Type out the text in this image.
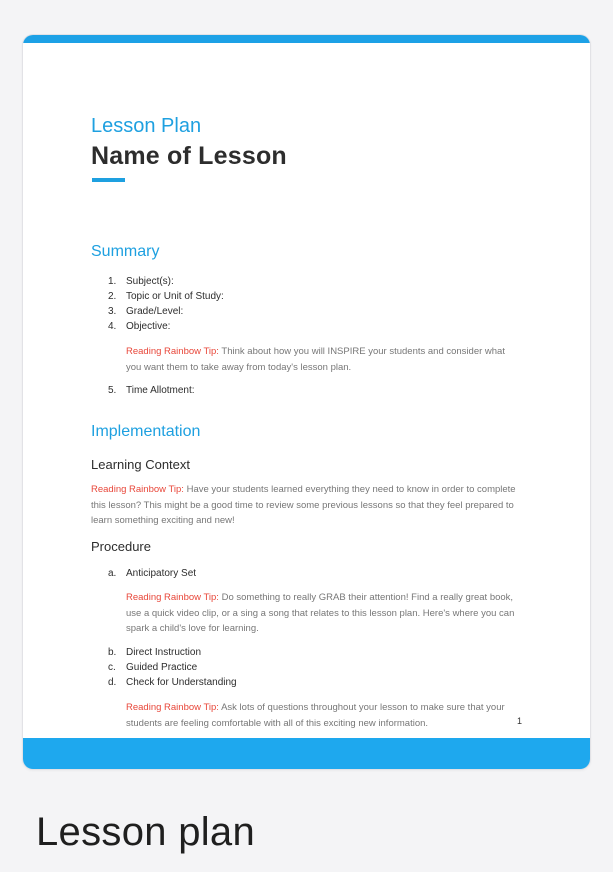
Lesson Plan
Name of Lesson
Summary
1. Subject(s):
2. Topic or Unit of Study:
3. Grade/Level:
4. Objective:
Reading Rainbow Tip: Think about how you will INSPIRE your students and consider what you want them to take away from today's lesson plan.
5. Time Allotment:
Implementation
Learning Context
Reading Rainbow Tip: Have your students learned everything they need to know in order to complete this lesson? This might be a good time to review some previous lessons so that they feel prepared to learn something exciting and new!
Procedure
a. Anticipatory Set
Reading Rainbow Tip: Do something to really GRAB their attention! Find a really great book, use a quick video clip, or a sing a song that relates to this lesson plan. Here's where you can spark a child's love for learning.
b. Direct Instruction
c. Guided Practice
d. Check for Understanding
Reading Rainbow Tip: Ask lots of questions throughout your lesson to make sure that your students are feeling comfortable with all of this exciting new information.	1
Lesson plan
